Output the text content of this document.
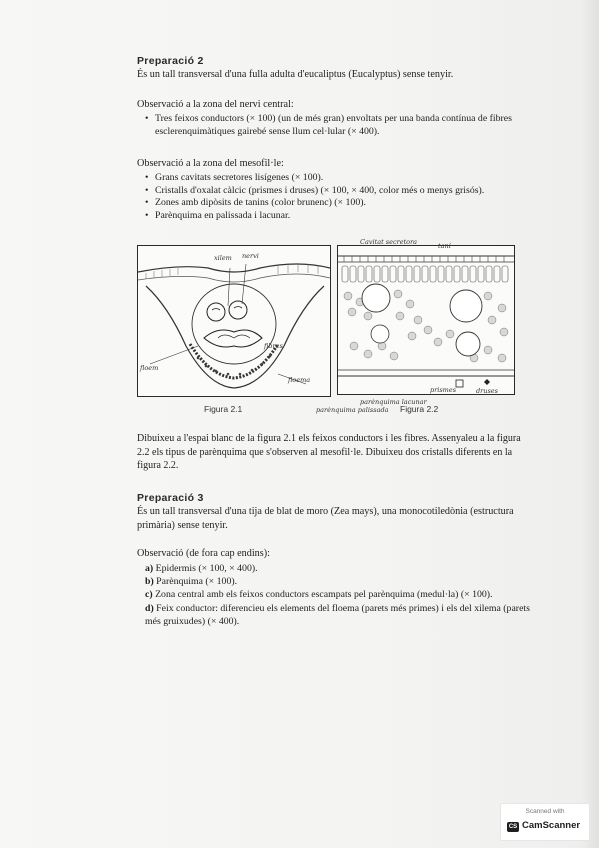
Preparació 2
És un tall transversal d'una fulla adulta d'eucaliptus (Eucalyptus) sense tenyir.
Observació a la zona del nervi central:
• Tres feixos conductors (× 100) (un de més gran) envoltats per una banda contínua de fibres esclerenquimàtiques gairebé sense llum cel·lular (× 400).
Observació a la zona del mesofil·le:
• Grans cavitats secretores lisígenes (× 100).
• Cristalls d'oxalat càlcic (prismes i druses) (× 100, × 400, color més o menys grisós).
• Zones amb dipòsits de tanins (color brunenc) (× 100).
• Parènquima en palissada i lacunar.
xilem
floem
fibres
floema
nervi
Figura 2.1
Cavitat secretora
parènquima palissada
parènquima lacunar
prismes	druses
taní
Figura 2.2
Dibuixeu a l'espai blanc de la figura 2.1 els feixos conductors i les fibres. Assenyaleu a la figura 2.2 els tipus de parènquima que s'observen al mesofil·le. Dibuixeu dos cristalls diferents en la figura 2.2.
Preparació 3
És un tall transversal d'una tija de blat de moro (Zea mays), una monocotiledònia (estructura primària) sense tenyir.
Observació (de fora cap endins):
a) Epidermis (× 100, × 400).
b) Parènquima (× 100).
c) Zona central amb els feixos conductors escampats pel parènquima (medul·la) (× 100).
d) Feix conductor: diferencieu els elements del floema (parets més primes) i els del xilema (parets més gruixudes) (× 400).
Scanned with
CS CamScanner
